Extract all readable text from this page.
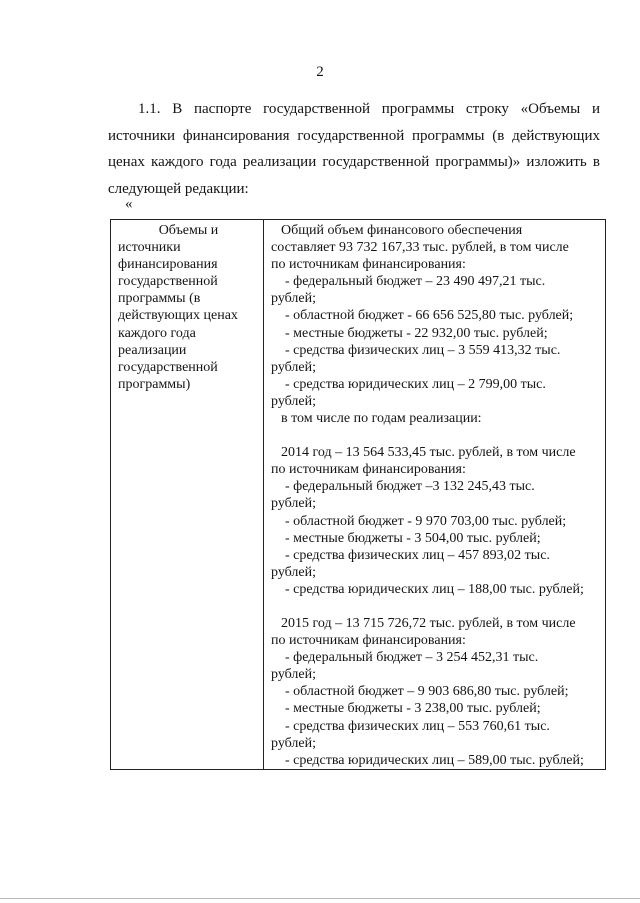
2
1.1. В паспорте государственной программы строку «Объемы и
источники финансирования государственной программы (в действующих
ценах каждого года реализации государственной программы)» изложить в
следующей редакции:
«
Объемы и
источники
финансирования
государственной
программы (в
действующих ценах
каждого года
реализации
государственной
программы)

Общий объем финансового обеспечения
составляет 93 732 167,33 тыс. рублей, в том числе
по источникам финансирования:
- федеральный бюджет – 23 490 497,21 тыс.
рублей;
- областной бюджет - 66 656 525,80 тыс. рублей;
- местные бюджеты - 22 932,00 тыс. рублей;
- средства физических лиц – 3 559 413,32 тыс.
рублей;
- средства юридических лиц – 2 799,00 тыс.
рублей;
в том числе по годам реализации:
2014 год – 13 564 533,45 тыс. рублей, в том числе
по источникам финансирования:
- федеральный бюджет –3 132 245,43 тыс.
рублей;
- областной бюджет - 9 970 703,00 тыс. рублей;
- местные бюджеты - 3 504,00 тыс. рублей;
- средства физических лиц – 457 893,02 тыс.
рублей;
- средства юридических лиц – 188,00 тыс. рублей;
2015 год – 13 715 726,72 тыс. рублей, в том числе
по источникам финансирования:
- федеральный бюджет – 3 254 452,31 тыс.
рублей;
- областной бюджет – 9 903 686,80 тыс. рублей;
- местные бюджеты - 3 238,00 тыс. рублей;
- средства физических лиц – 553 760,61 тыс.
рублей;
- средства юридических лиц – 589,00 тыс. рублей;
